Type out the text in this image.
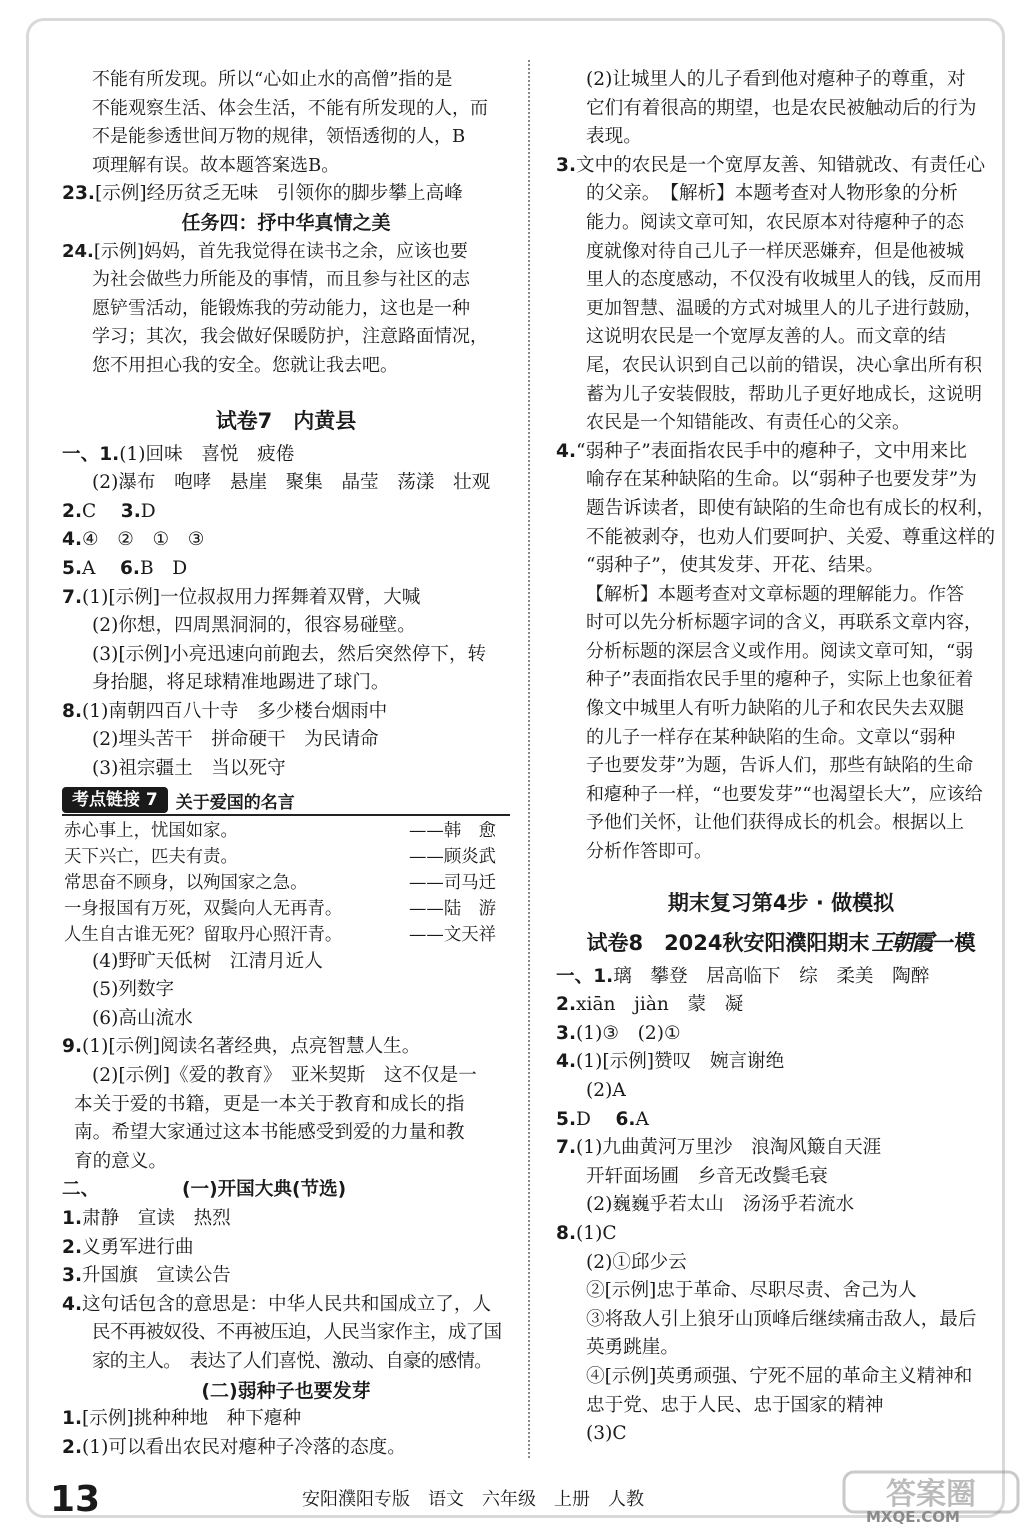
不能有所发现。所以“心如止水的高僧”指的是
不能观察生活、体会生活，不能有所发现的人，而
不是能参透世间万物的规律，领悟透彻的人，B
项理解有误。故本题答案选B。
23.[示例]经历贫乏无味　引领你的脚步攀上高峰
任务四：抒中华真情之美
24.[示例]妈妈，首先我觉得在读书之余，应该也要
为社会做些力所能及的事情，而且参与社区的志
愿铲雪活动，能锻炼我的劳动能力，这也是一种
学习；其次，我会做好保暖防护，注意路面情况，
您不用担心我的安全。您就让我去吧。
试卷7　内黄县
一、1.(1)回味　喜悦　疲倦
(2)瀑布　咆哮　悬崖　聚集　晶莹　荡漾　壮观
2.C　 3.D
4.④　②　①　③
5.A　 6.B　D
7.(1)[示例]一位叔叔用力挥舞着双臂，大喊
(2)你想，四周黑洞洞的，很容易碰壁。
(3)[示例]小亮迅速向前跑去，然后突然停下，转
身抬腿，将足球精准地踢进了球门。
8.(1)南朝四百八十寺　多少楼台烟雨中
(2)埋头苦干　拼命硬干　为民请命
(3)祖宗疆土　当以死守
考点链接 7	关于爱国的名言
赤心事上，忧国如家。	——韩　愈
天下兴亡，匹夫有责。	——顾炎武
常思奋不顾身，以殉国家之急。	——司马迁
一身报国有万死，双鬓向人无再青。	——陆　游
人生自古谁无死？留取丹心照汗青。	——文天祥
(4)野旷天低树　江清月近人
(5)列数字
(6)高山流水
9.(1)[示例]阅读名著经典，点亮智慧人生。
(2)[示例]《爱的教育》　亚米契斯　这不仅是一
本关于爱的书籍，更是一本关于教育和成长的指
南。希望大家通过这本书能感受到爱的力量和教
育的意义。
二、	(一)开国大典(节选)
1.肃静　宣读　热烈
2.义勇军进行曲
3.升国旗　宣读公告
4.这句话包含的意思是：中华人民共和国成立了，人
民不再被奴役、不再被压迫，人民当家作主，成了国
家的主人。　表达了人们喜悦、激动、自豪的感情。
(二)弱种子也要发芽
1.[示例]挑种种地　种下瘪种
2.(1)可以看出农民对瘪种子冷落的态度。
(2)让城里人的儿子看到他对瘪种子的尊重，对
它们有着很高的期望，也是农民被触动后的行为
表现。
3.文中的农民是一个宽厚友善、知错就改、有责任心
的父亲。　【解析】本题考查对人物形象的分析
能力。阅读文章可知，农民原本对待瘪种子的态
度就像对待自己儿子一样厌恶嫌弃，但是他被城
里人的态度感动，不仅没有收城里人的钱，反而用
更加智慧、温暖的方式对城里人的儿子进行鼓励，
这说明农民是一个宽厚友善的人。而文章的结
尾，农民认识到自己以前的错误，决心拿出所有积
蓄为儿子安装假肢，帮助儿子更好地成长，这说明
农民是一个知错能改、有责任心的父亲。
4.“弱种子”表面指农民手中的瘪种子，文中用来比
喻存在某种缺陷的生命。以“弱种子也要发芽”为
题告诉读者，即使有缺陷的生命也有成长的权利，
不能被剥夺，也劝人们要呵护、关爱、尊重这样的
“弱种子”，使其发芽、开花、结果。
【解析】本题考查对文章标题的理解能力。作答
时可以先分析标题字词的含义，再联系文章内容，
分析标题的深层含义或作用。阅读文章可知，“弱
种子”表面指农民手里的瘪种子，实际上也象征着
像文中城里人有听力缺陷的儿子和农民失去双腿
的儿子一样存在某种缺陷的生命。文章以“弱种
子也要发芽”为题，告诉人们，那些有缺陷的生命
和瘪种子一样，“也要发芽”“也渴望长大”，应该给
予他们关怀，让他们获得成长的机会。根据以上
分析作答即可。
期末复习第4步 · 做模拟
试卷8　2024秋安阳濮阳期末王朝霞一模
一、1.璃　攀登　居高临下　综　柔美　陶醉
2.xiān　jiàn　蒙　凝
3.(1)③　(2)①
4.(1)[示例]赞叹　婉言谢绝
(2)A
5.D　 6.A
7.(1)九曲黄河万里沙　浪淘风簸自天涯
开轩面场圃　乡音无改鬓毛衰
(2)巍巍乎若太山　汤汤乎若流水
8.(1)C
(2)①邱少云
②[示例]忠于革命、尽职尽责、舍己为人
③将敌人引上狼牙山顶峰后继续痛击敌人，最后
英勇跳崖。
④[示例]英勇顽强、宁死不屈的革命主义精神和
忠于党、忠于人民、忠于国家的精神
(3)C
13	安阳濮阳专版　语文　六年级　上册　人教	答案圈
MXQE.COM
